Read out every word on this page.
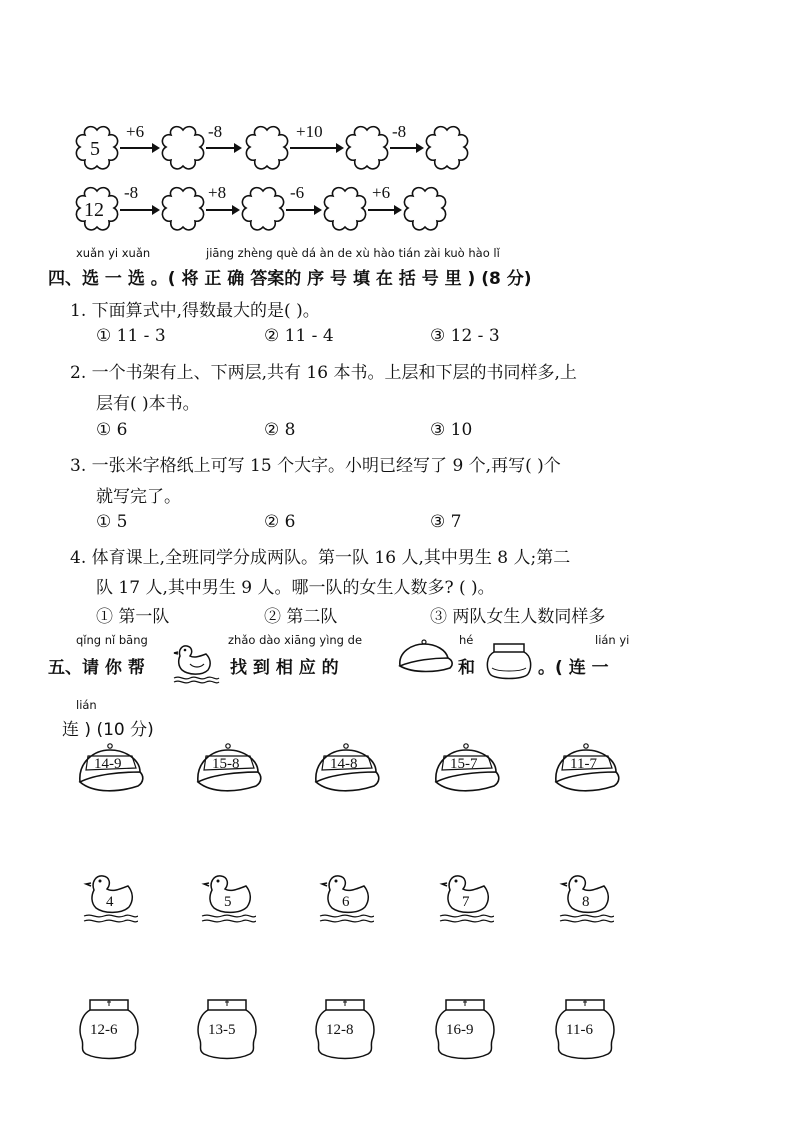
5
+6	-8	+10	-8
12
-8	+8	-6	+6
xuǎn yi xuǎn	jiāng zhèng què dá àn de xù hào tián zài kuò hào lǐ
四、选 一 选 。( 将 正 确 答案的 序 号 填 在 括 号 里 ) (8 分)
1. 下面算式中,得数最大的是( )。
① 11 - 3	② 11 - 4	③ 12 - 3
2. 一个书架有上、下两层,共有 16 本书。上层和下层的书同样多,上
层有( )本书。
① 6	② 8	③ 10
3. 一张米字格纸上可写 15 个大字。小明已经写了 9 个,再写( )个
就写完了。
① 5	② 6	③ 7
4. 体育课上,全班同学分成两队。第一队 16 人,其中男生 8 人;第二
队 17 人,其中男生 9 人。哪一队的女生人数多? ( )。
① 第一队	② 第二队	③ 两队女生人数同样多
qǐng nǐ bāng	zhǎo dào xiāng yìng de	hé	lián yi
五、请 你 帮	找 到 相 应 的	和	。( 连 一
lián
连 ) (10 分)
14-9	15-8	14-8	15-7	11-7
4	5	6	7	8
12-6	13-5	12-8	16-9	11-6
